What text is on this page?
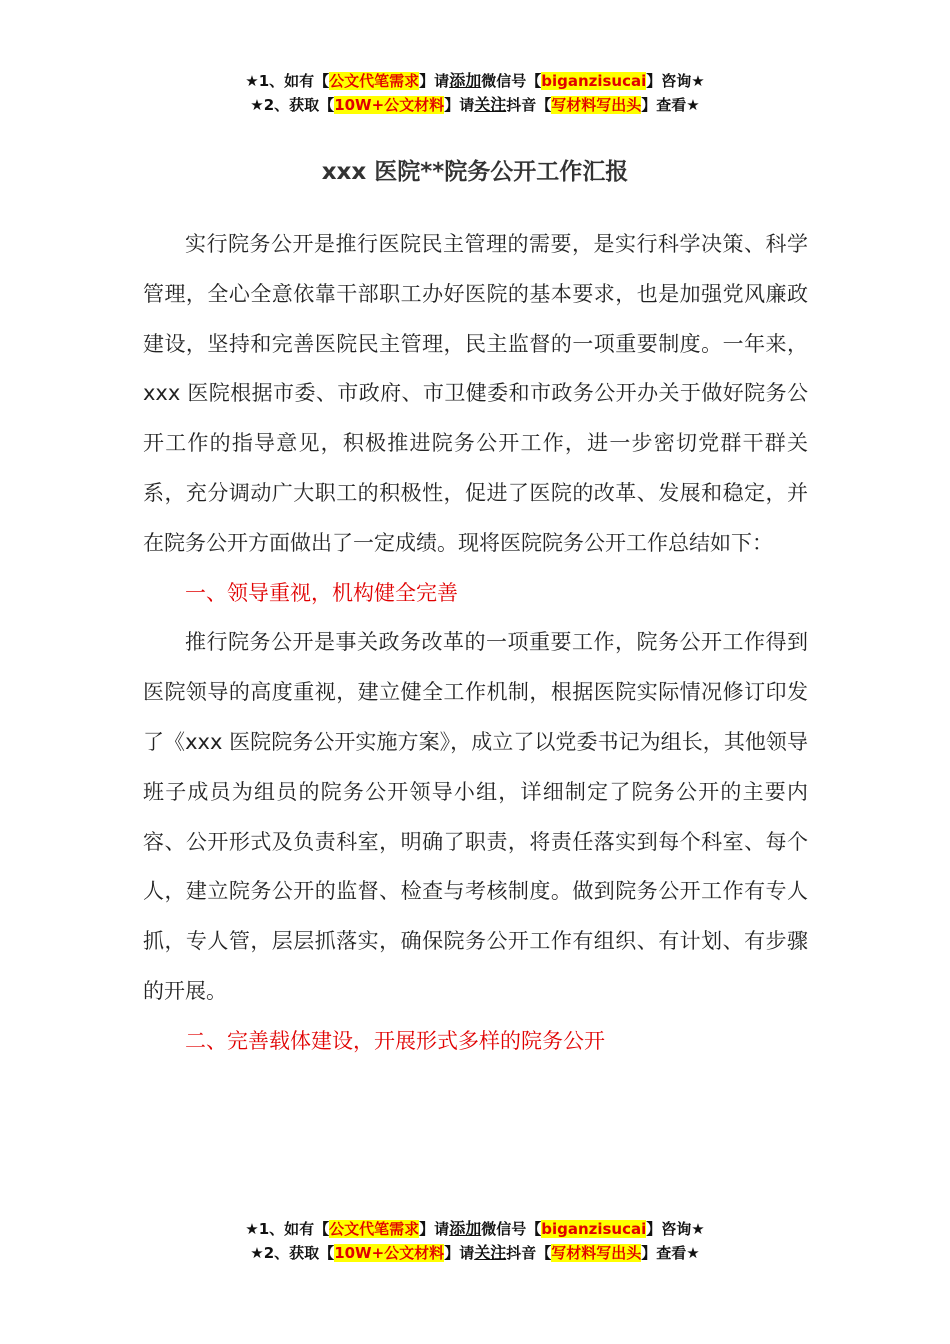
★1、如有【公文代笔需求】请添加微信号【biganzisucai】咨询★
★2、获取【10W+公文材料】请关注抖音【写材料写出头】查看★
xxx 医院**院务公开工作汇报

实行院务公开是推行医院民主管理的需要，是实行科学决策、科学管理，全心全意依靠干部职工办好医院的基本要求，也是加强党风廉政建设，坚持和完善医院民主管理，民主监督的一项重要制度。一年来，xxx 医院根据市委、市政府、市卫健委和市政务公开办关于做好院务公开工作的指导意见，积极推进院务公开工作，进一步密切党群干群关系，充分调动广大职工的积极性，促进了医院的改革、发展和稳定，并在院务公开方面做出了一定成绩。现将医院院务公开工作总结如下：

一、领导重视，机构健全完善

推行院务公开是事关政务改革的一项重要工作，院务公开工作得到医院领导的高度重视，建立健全工作机制，根据医院实际情况修订印发了《xxx 医院院务公开实施方案》，成立了以党委书记为组长，其他领导班子成员为组员的院务公开领导小组，详细制定了院务公开的主要内容、公开形式及负责科室，明确了职责，将责任落实到每个科室、每个人，建立院务公开的监督、检查与考核制度。做到院务公开工作有专人抓，专人管，层层抓落实，确保院务公开工作有组织、有计划、有步骤的开展。

二、完善载体建设，开展形式多样的院务公开
★1、如有【公文代笔需求】请添加微信号【biganzisucai】咨询★
★2、获取【10W+公文材料】请关注抖音【写材料写出头】查看★
